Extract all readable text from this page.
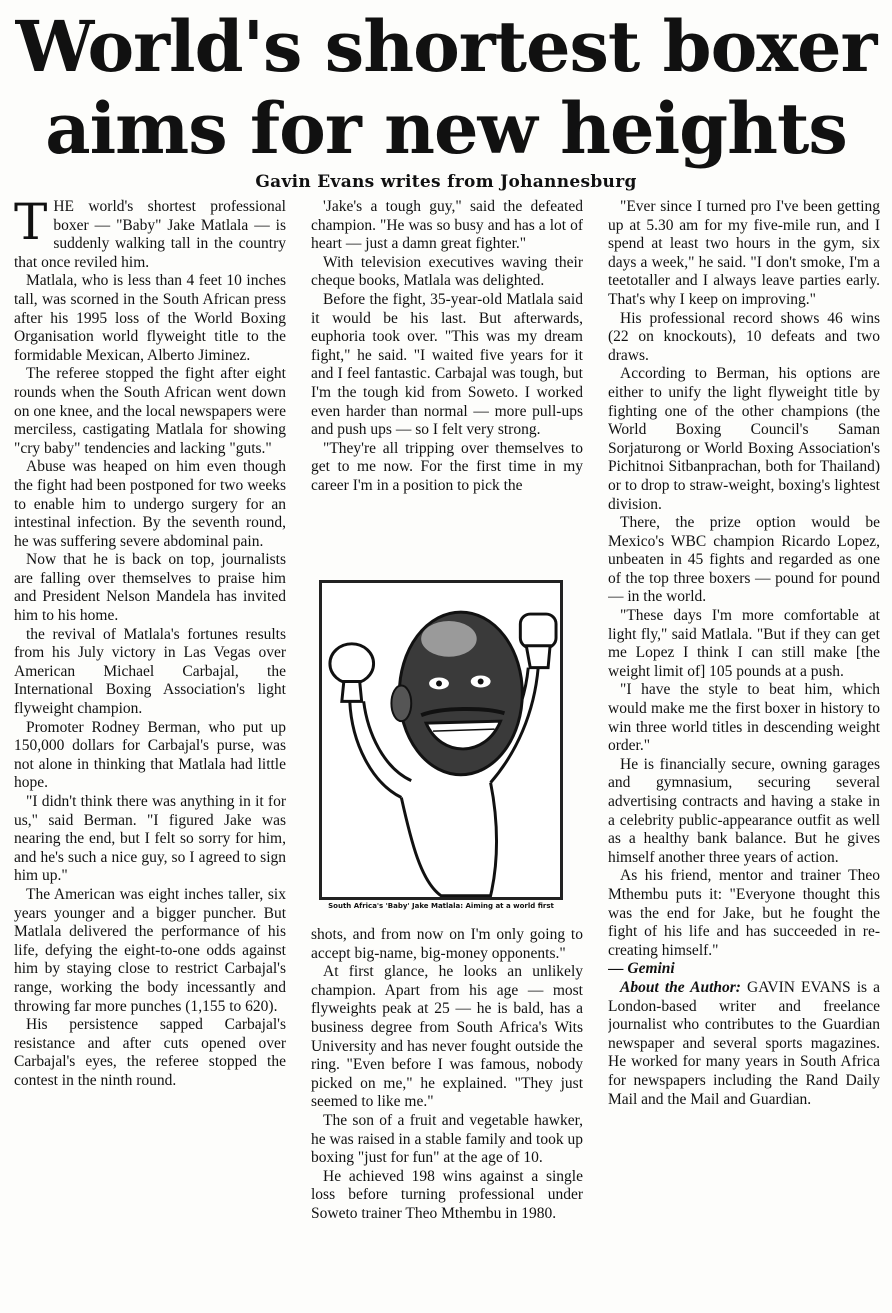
World's shortest boxer
aims for new heights
Gavin Evans writes from Johannesburg

THE world's shortest professional boxer — "Baby" Jake Matlala — is suddenly walking tall in the country that once reviled him.

Matlala, who is less than 4 feet 10 inches tall, was scorned in the South African press after his 1995 loss of the World Boxing Organisation world flyweight title to the formidable Mexican, Alberto Jiminez.

The referee stopped the fight after eight rounds when the South African went down on one knee, and the local newspapers were merciless, castigating Matlala for showing "cry baby" tendencies and lacking "guts."

Abuse was heaped on him even though the fight had been postponed for two weeks to enable him to undergo surgery for an intestinal infection. By the seventh round, he was suffering severe abdominal pain.

Now that he is back on top, journalists are falling over themselves to praise him and President Nelson Mandela has invited him to his home.

the revival of Matlala's fortunes results from his July victory in Las Vegas over American Michael Carbajal, the International Boxing Association's light flyweight champion.

Promoter Rodney Berman, who put up 150,000 dollars for Carbajal's purse, was not alone in thinking that Matlala had little hope.

"I didn't think there was anything in it for us," said Berman. "I figured Jake was nearing the end, but I felt so sorry for him, and he's such a nice guy, so I agreed to sign him up."

The American was eight inches taller, six years younger and a bigger puncher. But Matlala delivered the performance of his life, defying the eight-to-one odds against him by staying close to restrict Carbajal's range, working the body incessantly and throwing far more punches (1,155 to 620).

His persistence sapped Carbajal's resistance and after cuts opened over Carbajal's eyes, the referee stopped the contest in the ninth round.

'Jake's a tough guy," said the defeated champion. "He was so busy and has a lot of heart — just a damn great fighter."

With television executives waving their cheque books, Matlala was delighted.

Before the fight, 35-year-old Matlala said it would be his last. But afterwards, euphoria took over. "This was my dream fight," he said. "I waited five years for it and I feel fantastic. Carbajal was tough, but I'm the tough kid from Soweto. I worked even harder than normal — more pull-ups and push ups — so I felt very strong.

"They're all tripping over themselves to get to me now. For the first time in my career I'm in a position to pick the

shots, and from now on I'm only going to accept big-name, big-money opponents."

At first glance, he looks an unlikely champion. Apart from his age — most flyweights peak at 25 — he is bald, has a business degree from South Africa's Wits University and has never fought outside the ring. "Even before I was famous, nobody picked on me," he explained. "They just seemed to like me."

The son of a fruit and vegetable hawker, he was raised in a stable family and took up boxing "just for fun" at the age of 10.

He achieved 198 wins against a single loss before turning professional under Soweto trainer Theo Mthembu in 1980.

"Ever since I turned pro I've been getting up at 5.30 am for my five-mile run, and I spend at least two hours in the gym, six days a week," he said. "I don't smoke, I'm a teetotaller and I always leave parties early. That's why I keep on improving."

His professional record shows 46 wins (22 on knockouts), 10 defeats and two draws.

According to Berman, his options are either to unify the light flyweight title by fighting one of the other champions (the World Boxing Council's Saman Sorjaturong or World Boxing Association's Pichitnoi Sitbanprachan, both for Thailand) or to drop to straw-weight, boxing's lightest division.

There, the prize option would be Mexico's WBC champion Ricardo Lopez, unbeaten in 45 fights and regarded as one of the top three boxers — pound for pound — in the world.

"These days I'm more comfortable at light fly," said Matlala. "But if they can get me Lopez I think I can still make [the weight limit of] 105 pounds at a push.

"I have the style to beat him, which would make me the first boxer in history to win three world titles in descending weight order."

He is financially secure, owning garages and gymnasium, securing several advertising contracts and having a stake in a celebrity public-appearance outfit as well as a healthy bank balance. But he gives himself another three years of action.

As his friend, mentor and trainer Theo Mthembu puts it: "Everyone thought this was the end for Jake, but he fought the fight of his life and has succeeded in re-creating himself."

— Gemini

About the Author: GAVIN EVANS is a London-based writer and freelance journalist who contributes to the Guardian newspaper and several sports magazines. He worked for many years in South Africa for newspapers including the Rand Daily Mail and the Mail and Guardian.

South Africa's 'Baby' Jake Matlala: Aiming at a world first
